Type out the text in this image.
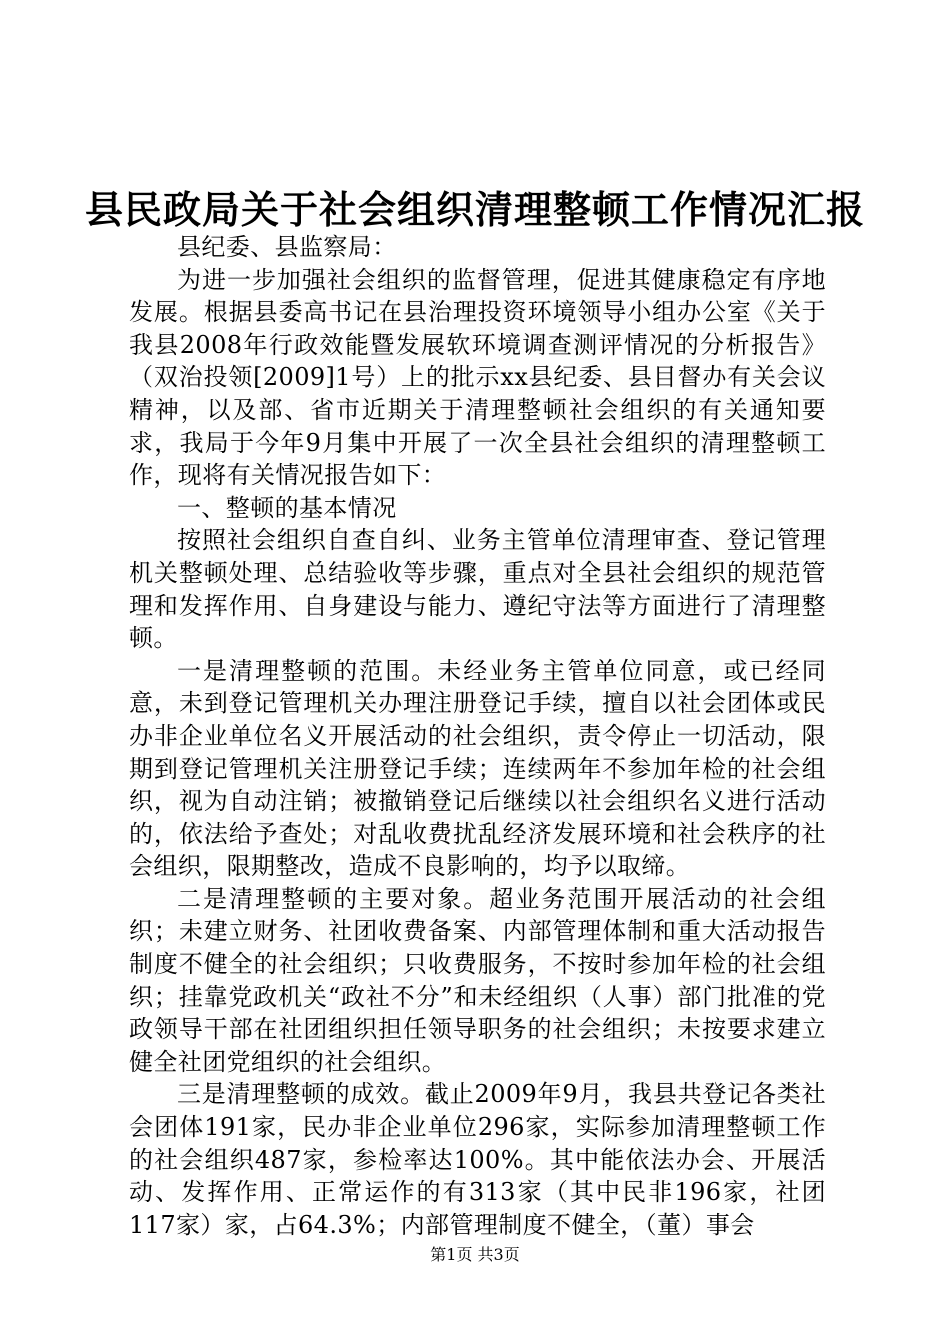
县民政局关于社会组织清理整顿工作情况汇报

县纪委、县监察局：

为进一步加强社会组织的监督管理，促进其健康稳定有序地发展。根据县委高书记在县治理投资环境领导小组办公室《关于我县2008年行政效能暨发展软环境调查测评情况的分析报告》（双治投领[2009]1号）上的批示xx县纪委、县目督办有关会议精神，以及部、省市近期关于清理整顿社会组织的有关通知要求，我局于今年9月集中开展了一次全县社会组织的清理整顿工作，现将有关情况报告如下：

一、整顿的基本情况

按照社会组织自查自纠、业务主管单位清理审查、登记管理机关整顿处理、总结验收等步骤，重点对全县社会组织的规范管理和发挥作用、自身建设与能力、遵纪守法等方面进行了清理整顿。

一是清理整顿的范围。未经业务主管单位同意，或已经同意，未到登记管理机关办理注册登记手续，擅自以社会团体或民办非企业单位名义开展活动的社会组织，责令停止一切活动，限期到登记管理机关注册登记手续；连续两年不参加年检的社会组织，视为自动注销；被撤销登记后继续以社会组织名义进行活动的，依法给予查处；对乱收费扰乱经济发展环境和社会秩序的社会组织，限期整改，造成不良影响的，均予以取缔。

二是清理整顿的主要对象。超业务范围开展活动的社会组织；未建立财务、社团收费备案、内部管理体制和重大活动报告制度不健全的社会组织；只收费服务，不按时参加年检的社会组织；挂靠党政机关“政社不分”和未经组织（人事）部门批准的党政领导干部在社团组织担任领导职务的社会组织；未按要求建立健全社团党组织的社会组织。

三是清理整顿的成效。截止2009年9月，我县共登记各类社会团体191家，民办非企业单位296家，实际参加清理整顿工作的社会组织487家，参检率达100%。其中能依法办会、开展活动、发挥作用、正常运作的有313家（其中民非196家，社团117家）家，占64.3%；内部管理制度不健全，（董）事会

第1页 共3页
